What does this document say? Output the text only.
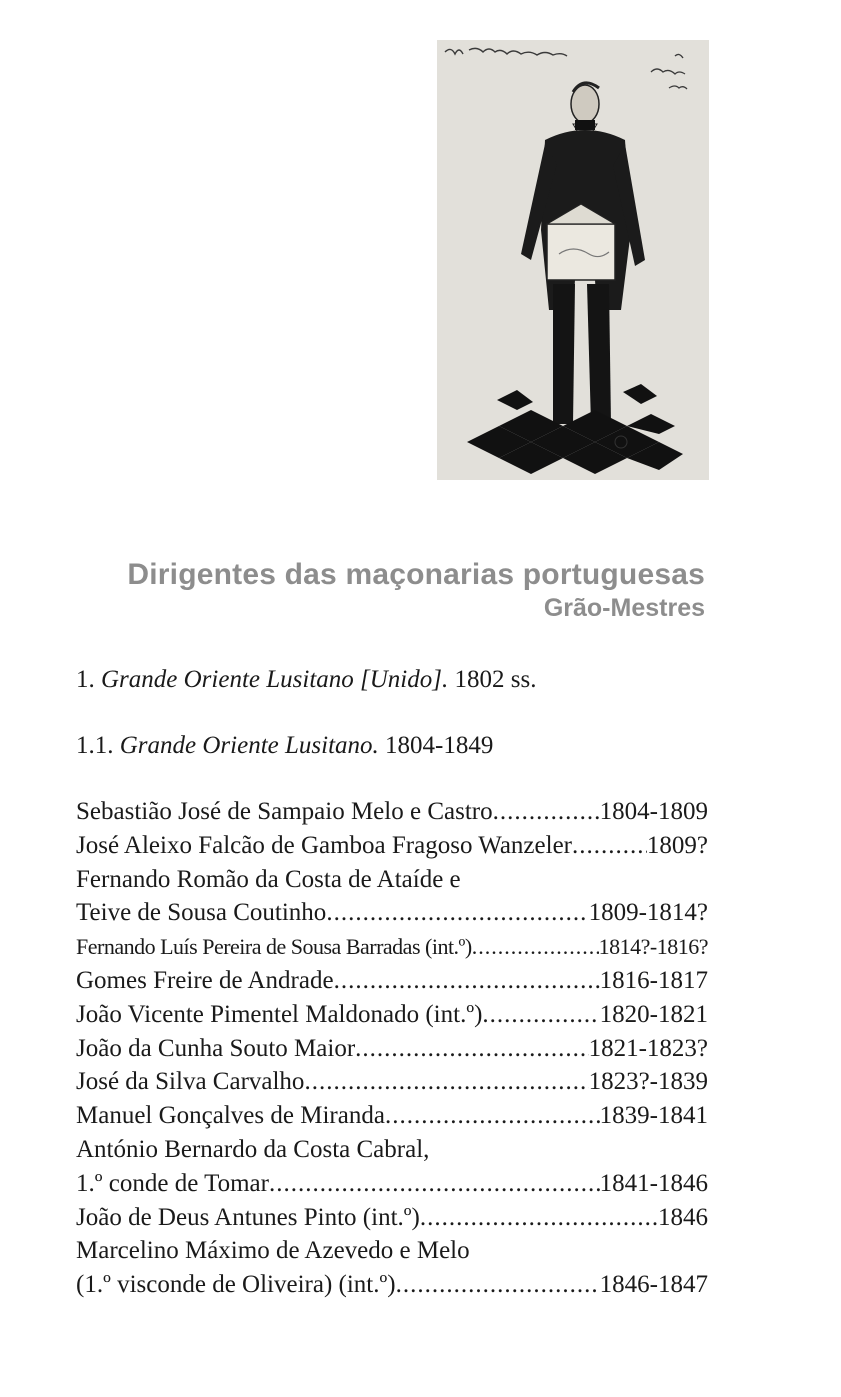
Dirigentes das maçonarias portuguesas
Grão-Mestres
1. Grande Oriente Lusitano [Unido]. 1802 ss.
1.1. Grande Oriente Lusitano. 1804-1849
Sebastião José de Sampaio Melo e Castro .....	1804-1809
José Aleixo Falcão de Gamboa Fragoso Wanzeler .....	1809?
Fernando Romão da Costa de Ataíde e
Teive de Sousa Coutinho .....	1809-1814?
Fernando Luís Pereira de Sousa Barradas (int.º) .....	1814?-1816?
Gomes Freire de Andrade .....	1816-1817
João Vicente Pimentel Maldonado (int.º) .....	1820-1821
João da Cunha Souto Maior .....	1821-1823?
José da Silva Carvalho .....	1823?-1839
Manuel Gonçalves de Miranda .....	1839-1841
António Bernardo da Costa Cabral,
1.º conde de Tomar .....	1841-1846
João de Deus Antunes Pinto (int.º) .....	1846
Marcelino Máximo de Azevedo e Melo
(1.º visconde de Oliveira) (int.º) .....	1846-1847
